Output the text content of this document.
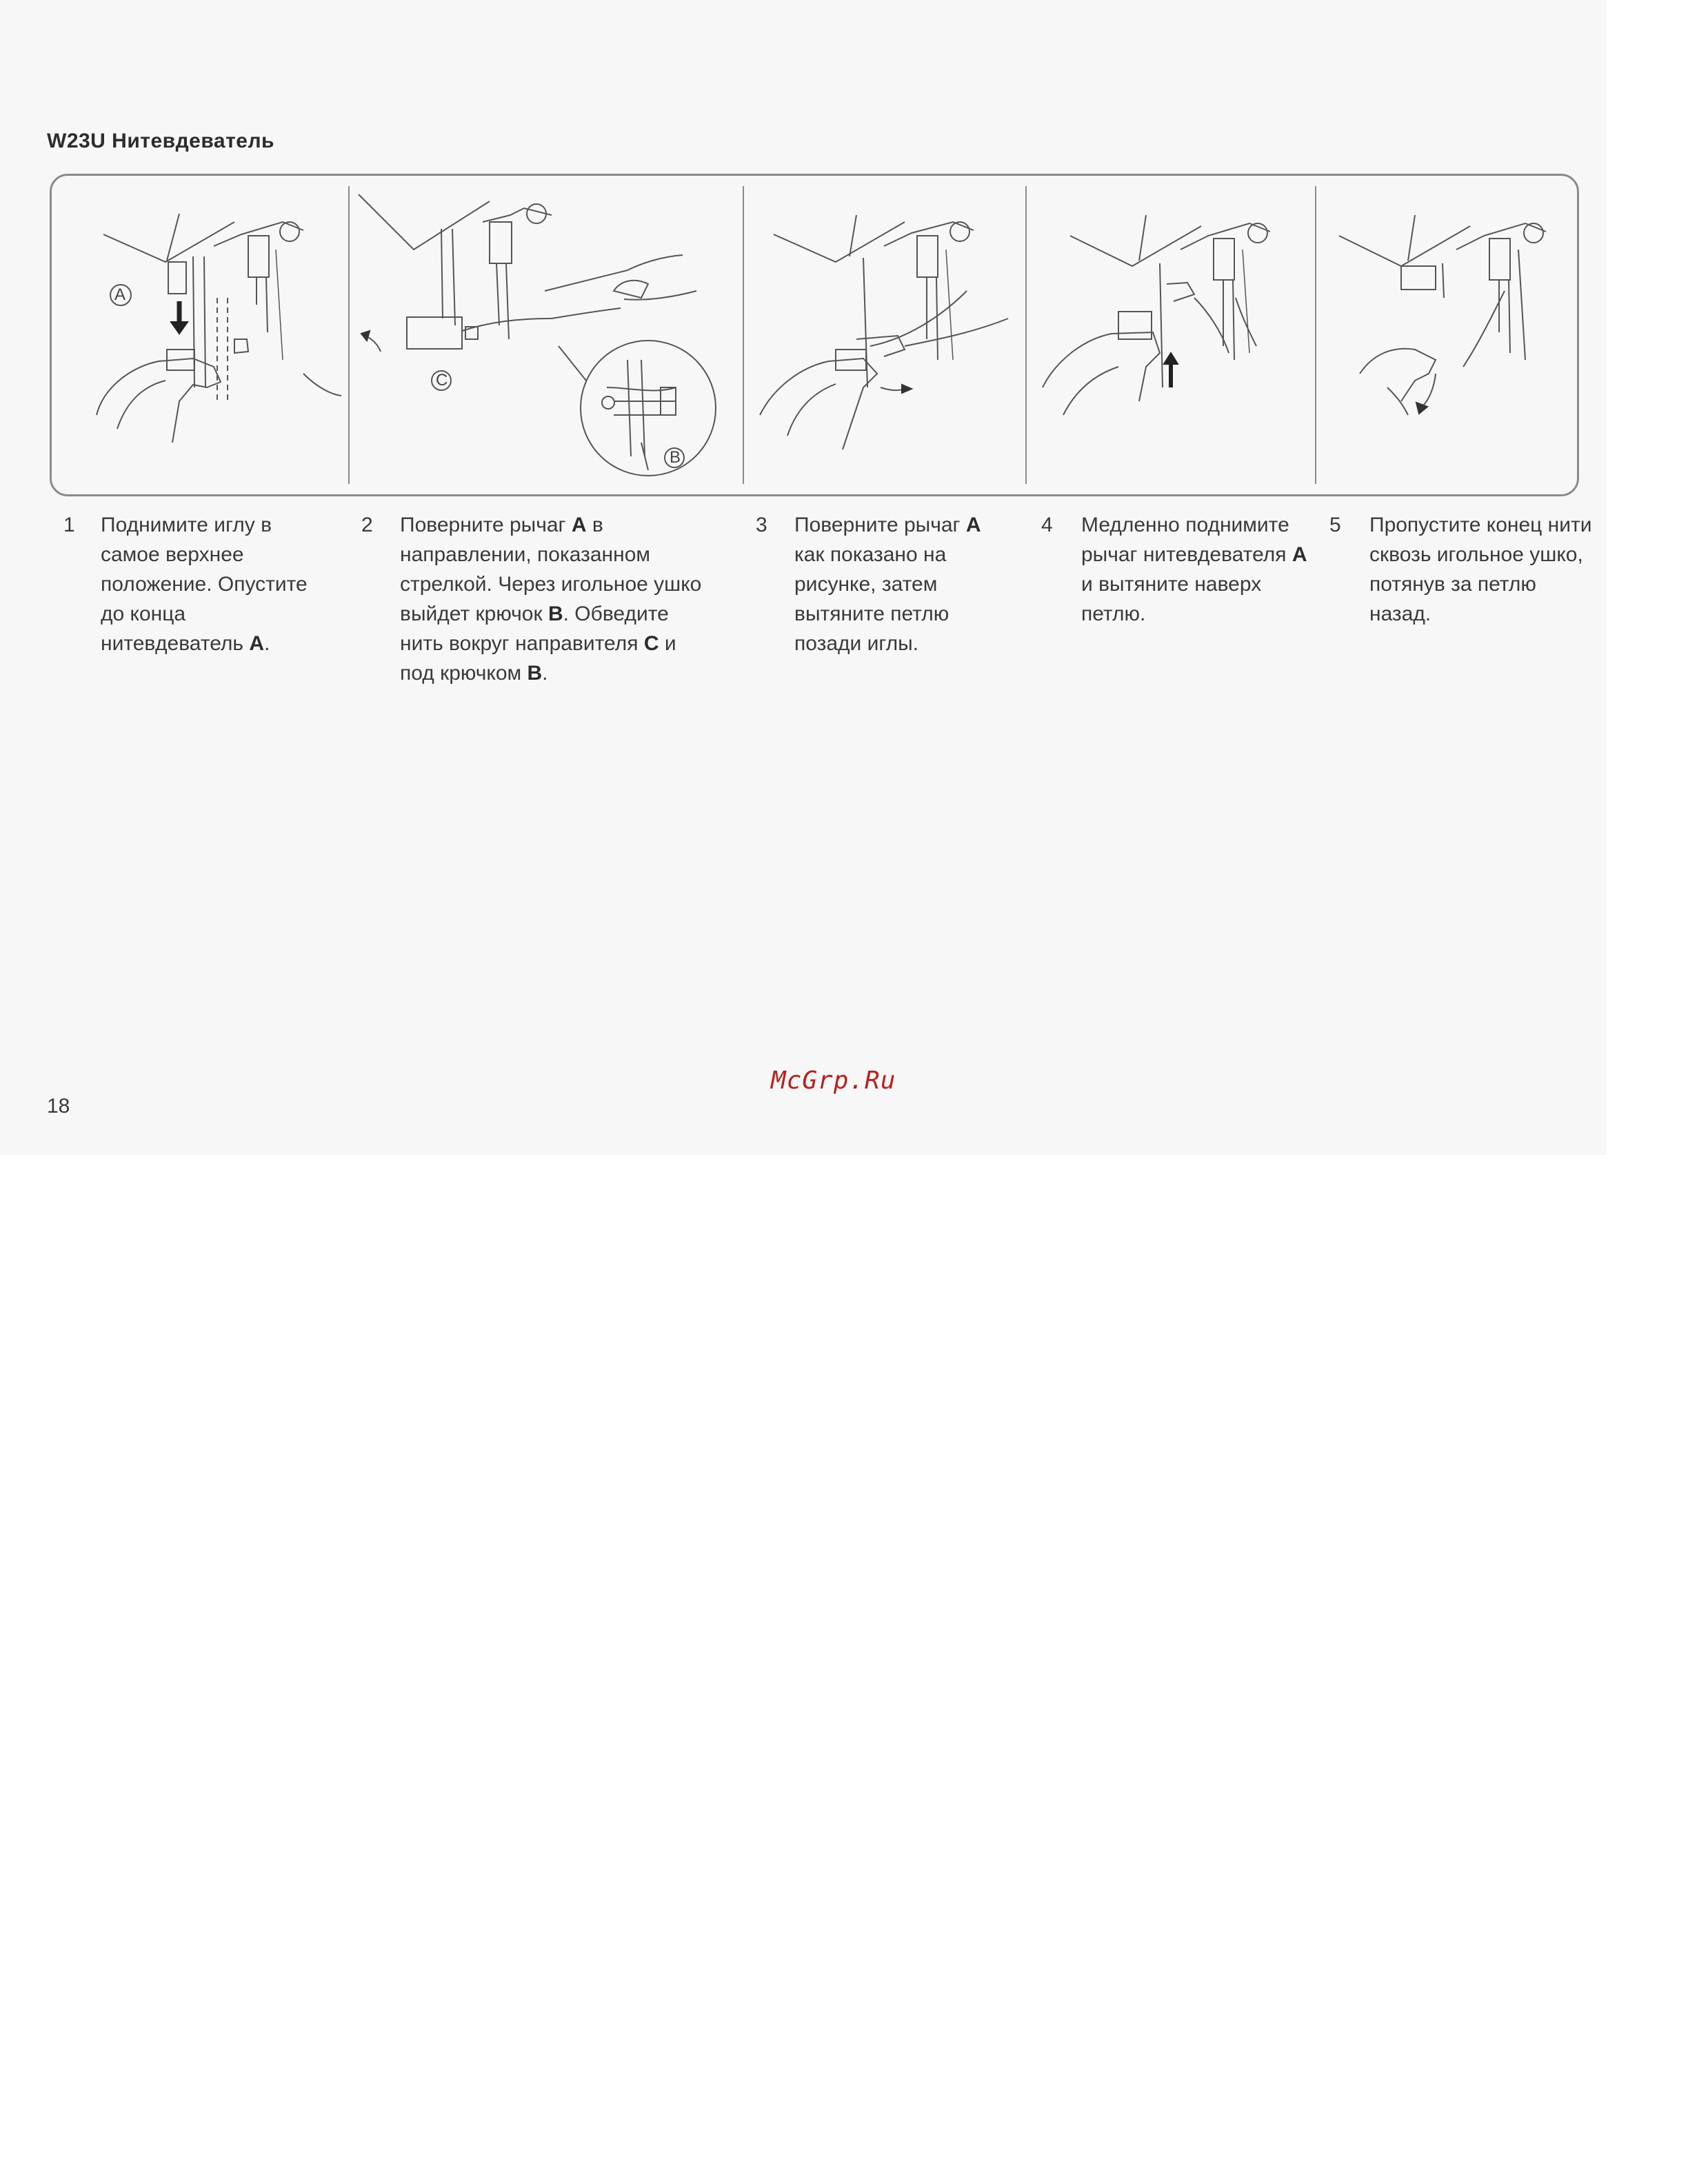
W23U Нитевдеватель
A
C
B
1 Поднимите иглу в самое верхнее положение. Опустите до конца нитевдеватель A.
2 Поверните рычаг A в направлении, показанном стрелкой. Через игольное ушко выйдет крючок B. Обведите нить вокруг направителя C и под крючком B.
3 Поверните рычаг A как показано на рисунке, затем вытяните петлю позади иглы.
4 Медленно поднимите рычаг нитевдевателя A и вытяните наверх петлю.
5 Пропустите конец нити сквозь игольное ушко, потянув за петлю назад.
McGrp.Ru
18
